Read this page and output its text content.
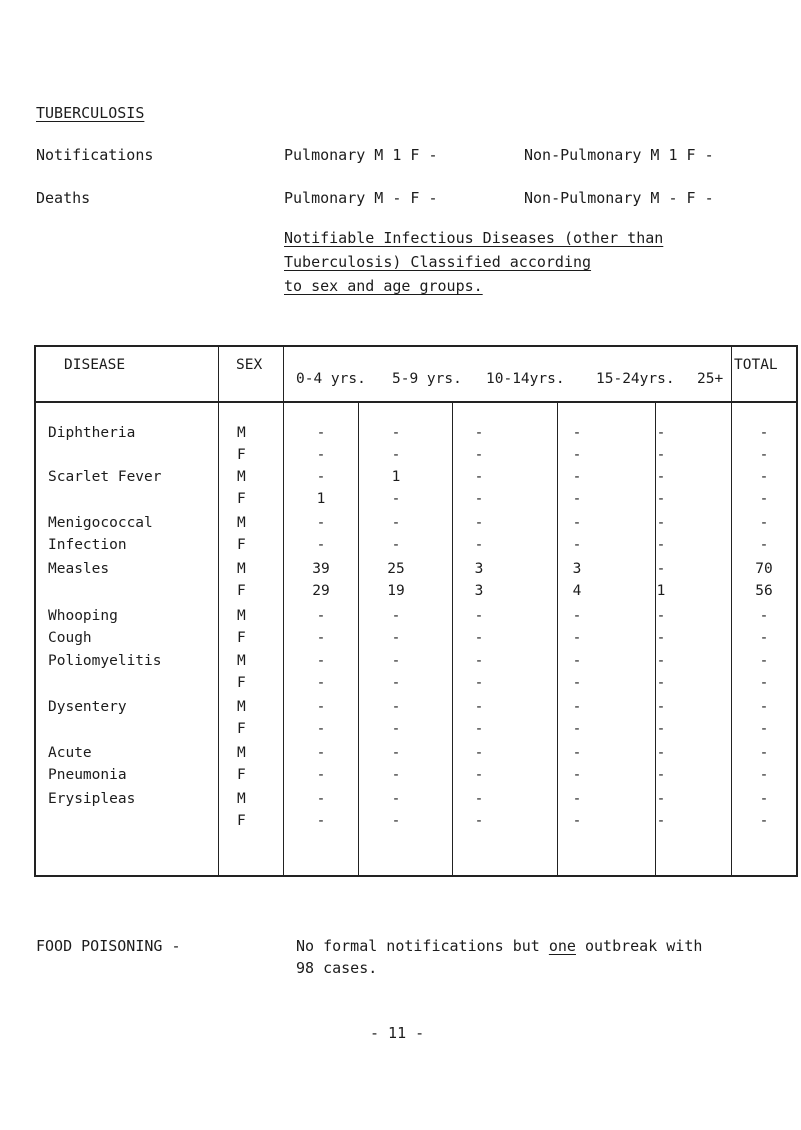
TUBERCULOSIS
Notifications	Pulmonary M 1 F -	Non-Pulmonary M 1 F -
Deaths	Pulmonary M - F -	Non-Pulmonary M - F -
Notifiable Infectious Diseases (other than
Tuberculosis) Classified according
to sex and age groups.
DISEASE	SEX
0-4 yrs. 5-9 yrs. 10-14yrs. 15-24yrs. 25+
TOTAL
Diphtheria	M	-	-	-	-	-	-
F	-	-	-	-	-	-
Scarlet Fever	M	-	1	-	-	-	-
F	1	-	-	-	-	-
Menigococcal
Infection
M	-	-	-	-	-	-
F	-	-	-	-	-	-
Measles	M	39	25	3	3	-	70
F	29	19	3	4	1	56
Whooping
Cough
M	-	-	-	-	-	-
F	-	-	-	-	-	-
Poliomyelitis	M	-	-	-	-	-	-
F	-	-	-	-	-	-
Dysentery	M	-	-	-	-	-	-
F	-	-	-	-	-	-
Acute
Pneumonia
M	-	-	-	-	-	-
F	-	-	-	-	-	-
Erysipleas	M	-	-	-	-	-	-
F	-	-	-	-	-	-
FOOD POISONING -	No formal notifications but one outbreak with
98 cases.
- 11 -
